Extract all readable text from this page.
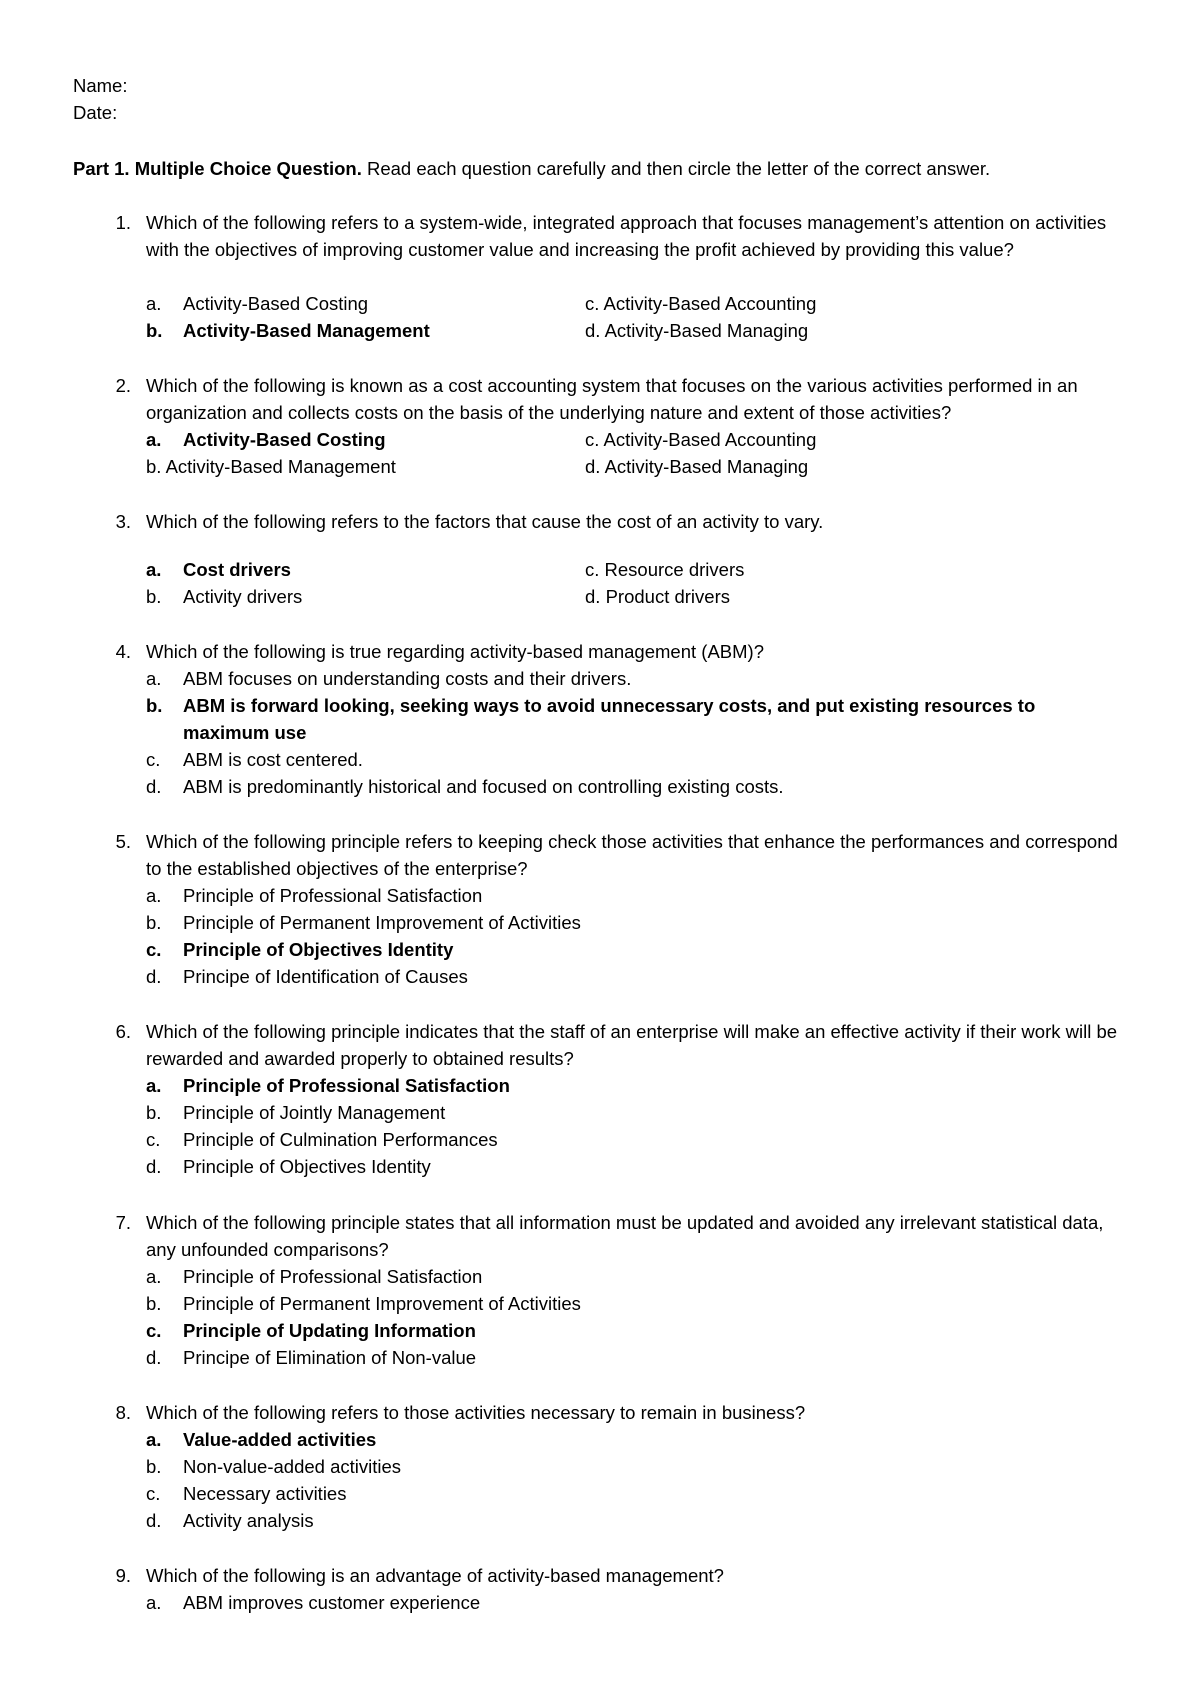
Name:
Date:
Part 1. Multiple Choice Question. Read each question carefully and then circle the letter of the correct answer.
1. Which of the following refers to a system-wide, integrated approach that focuses management’s attention on activities with the objectives of improving customer value and increasing the profit achieved by providing this value?
a. Activity-Based Costing	c. Activity-Based Accounting
b. Activity-Based Management	d. Activity-Based Managing
2. Which of the following is known as a cost accounting system that focuses on the various activities performed in an organization and collects costs on the basis of the underlying nature and extent of those activities?
a. Activity-Based Costing	c. Activity-Based Accounting
b. Activity-Based Management	d. Activity-Based Managing
3. Which of the following refers to the factors that cause the cost of an activity to vary.
a. Cost drivers	c. Resource drivers
b. Activity drivers	d. Product drivers
4. Which of the following is true regarding activity-based management (ABM)?
a. ABM focuses on understanding costs and their drivers.
b. ABM is forward looking, seeking ways to avoid unnecessary costs, and put existing resources to maximum use
c. ABM is cost centered.
d. ABM is predominantly historical and focused on controlling existing costs.
5. Which of the following principle refers to keeping check those activities that enhance the performances and correspond to the established objectives of the enterprise?
a. Principle of Professional Satisfaction
b. Principle of Permanent Improvement of Activities
c. Principle of Objectives Identity
d. Principe of Identification of Causes
6. Which of the following principle indicates that the staff of an enterprise will make an effective activity if their work will be rewarded and awarded properly to obtained results?
a. Principle of Professional Satisfaction
b. Principle of Jointly Management
c. Principle of Culmination Performances
d. Principle of Objectives Identity
7. Which of the following principle states that all information must be updated and avoided any irrelevant statistical data, any unfounded comparisons?
a. Principle of Professional Satisfaction
b. Principle of Permanent Improvement of Activities
c. Principle of Updating Information
d. Principe of Elimination of Non-value
8. Which of the following refers to those activities necessary to remain in business?
a. Value-added activities
b. Non-value-added activities
c. Necessary activities
d. Activity analysis
9. Which of the following is an advantage of activity-based management?
a. ABM improves customer experience
